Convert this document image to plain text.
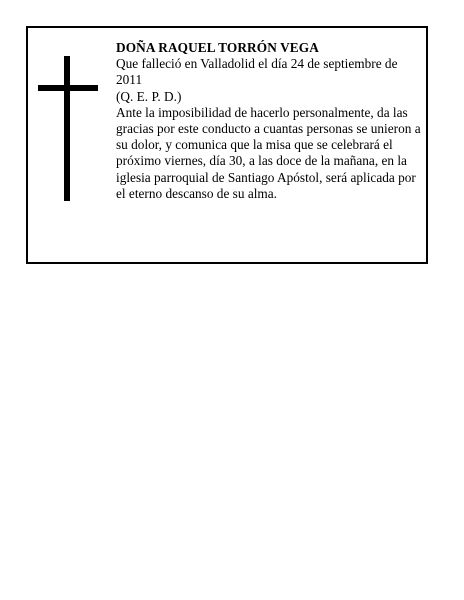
DOÑA RAQUEL TORRÓN VEGA

Que falleció en Valladolid el día 24 de septiembre de 2011

(Q. E. P. D.)

Ante la imposibilidad de hacerlo personalmente, da las gracias por este conducto a cuantas personas se unieron a su dolor, y comunica que la misa que se celebrará el próximo viernes, día 30, a las doce de la mañana, en la iglesia parroquial de Santiago Apóstol, será aplicada por el eterno descanso de su alma.
